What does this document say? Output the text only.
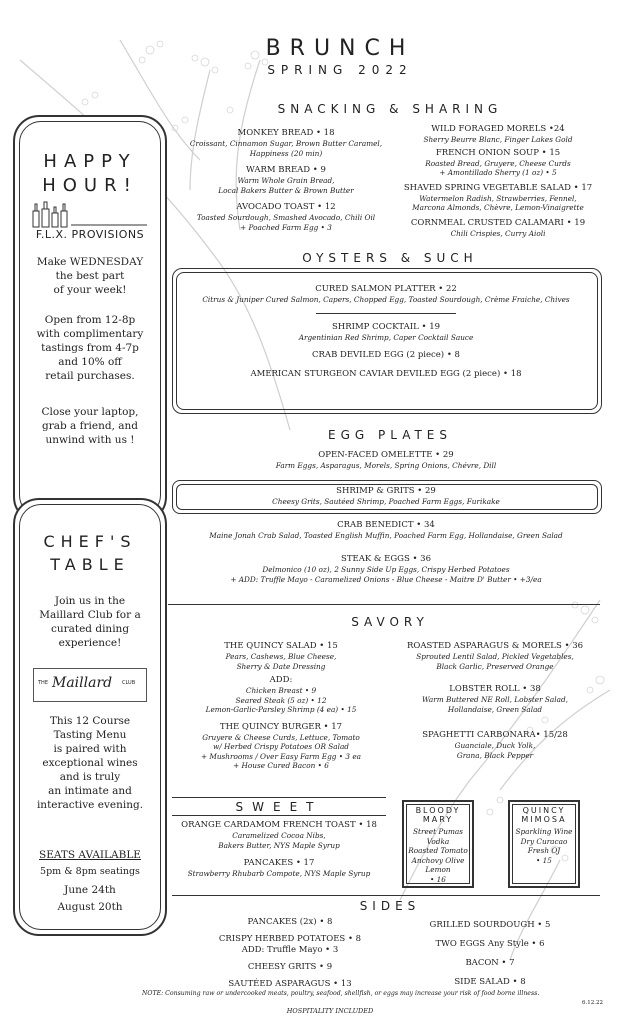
BRUNCH
SPRING 2022
HAPPY
HOUR!
F.L.X. PROVISIONS
Make WEDNESDAY
the best part
of your week!
Open from 12-8p
with complimentary
tastings from 4-7p
and 10% off
retail purchases.
Close your laptop,
grab a friend, and
unwind with us !
CHEF'S
TABLE
Join us in the
Maillard Club for a
curated dining
experience!
THE Maillard CLUB
This 12 Course
Tasting Menu
is paired with
exceptional wines
and is truly
an intimate and
interactive evening.
SEATS AVAILABLE
5pm & 8pm seatings
June 24th
August 20th
SNACKING & SHARING
MONKEY BREAD • 18
Croissant, Cinnamon Sugar, Brown Butter Caramel,
Happiness (20 min)
WARM BREAD • 9
Warm Whole Grain Bread,
Local Bakers Butter & Brown Butter
AVOCADO TOAST • 12
Toasted Sourdough, Smashed Avocado, Chili Oil
+ Poached Farm Egg • 3
WILD FORAGED MORELS •24
Sherry Beurre Blanc, Finger Lakes Gold
FRENCH ONION SOUP • 15
Roasted Bread, Gruyere, Cheese Curds
+ Amontillado Sherry (1 oz) • 5
SHAVED SPRING VEGETABLE SALAD • 17
Watermelon Radish, Strawberries, Fennel,
Marcona Almonds, Chèvre, Lemon-Vinaigrette
CORNMEAL CRUSTED CALAMARI • 19
Chili Crispies, Curry Aioli
OYSTERS & SUCH
CURED SALMON PLATTER • 22
Citrus & Juniper Cured Salmon, Capers, Chopped Egg, Toasted Sourdough, Crème Fraiche, Chives
SHRIMP COCKTAIL • 19
Argentinian Red Shrimp, Caper Cocktail Sauce
CRAB DEVILED EGG (2 piece) • 8
AMERICAN STURGEON CAVIAR DEVILED EGG (2 piece) • 18
EGG PLATES
OPEN-FACED OMELETTE • 29
Farm Eggs, Asparagus, Morels, Spring Onions, Chévre, Dill
SHRIMP & GRITS • 29
Cheesy Grits, Sautéed Shrimp, Poached Farm Eggs, Furikake
CRAB BENEDICT • 34
Maine Jonah Crab Salad, Toasted English Muffin, Poached Farm Egg, Hollandaise, Green Salad
STEAK & EGGS • 36
Delmonico (10 oz), 2 Sunny Side Up Eggs, Crispy Herbed Potatoes
+ ADD: Truffle Mayo - Caramelized Onions - Blue Cheese - Maitre D' Butter • +3/ea
SAVORY
THE QUINCY SALAD • 15
Pears, Cashews, Blue Cheese,
Sherry & Date Dressing
ADD:
Chicken Breast • 9
Seared Steak (5 oz) • 12
Lemon-Garlic-Parsley Shrimp (4 ea) • 15
THE QUINCY BURGER • 17
Gruyere & Cheese Curds, Lettuce, Tomato
w/ Herbed Crispy Potatoes OR Salad
+ Mushrooms / Over Easy Farm Egg • 3 ea
+ House Cured Bacon • 6
ROASTED ASPARAGUS & MORELS • 36
Sprouted Lentil Salad, Pickled Vegetables,
Black Garlic, Preserved Orange
LOBSTER ROLL • 38
Warm Buttered NE Roll, Lobster Salad,
Hollandaise, Green Salad
SPAGHETTI CARBONARA• 15/28
Guanciale, Duck Yolk,
Grana, Black Pepper
SWEET
ORANGE CARDAMOM FRENCH TOAST • 18
Caramelized Cocoa Nibs,
Bakers Butter, NYS Maple Syrup
PANCAKES • 17
Strawberry Rhubarb Compote, NYS Maple Syrup
BLOODY
MARY
Street Pumas Vodka
Roasted Tomato
Anchovy Olive
Lemon
• 16
QUINCY
MIMOSA
Sparkling Wine
Dry Curacao
Fresh OJ
• 15
SIDES
PANCAKES (2x) • 8
CRISPY HERBED POTATOES • 8
ADD: Truffle Mayo • 3
CHEESY GRITS • 9
SAUTÉED ASPARAGUS • 13
GRILLED SOURDOUGH • 5
TWO EGGS Any Style • 6
BACON • 7
SIDE SALAD • 8
NOTE: Consuming raw or undercooked meats, poultry, seafood, shellfish, or eggs may increase your risk of food borne illness.
6.12.22
HOSPITALITY INCLUDED
